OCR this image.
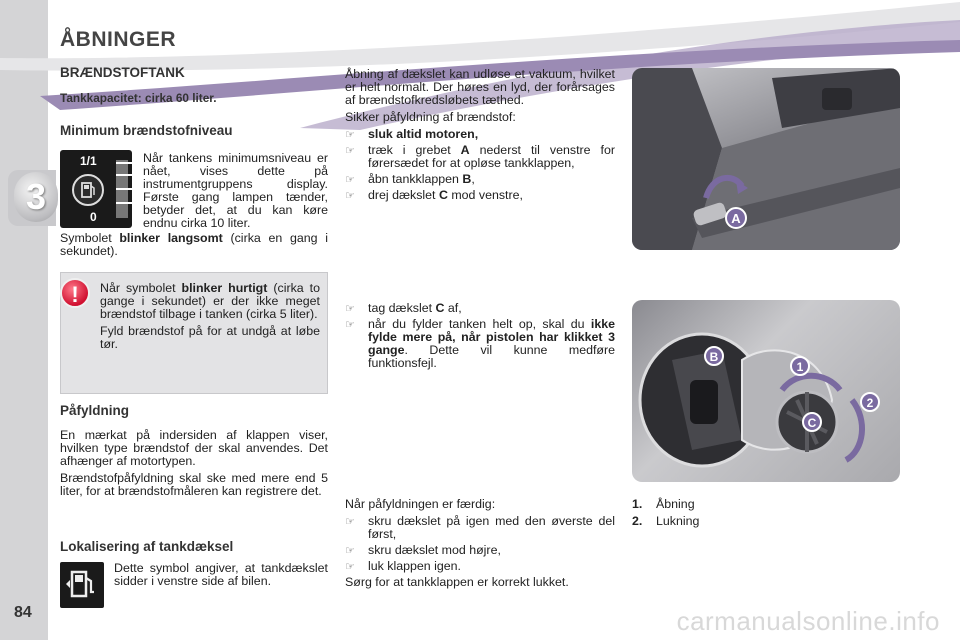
3
ÅBNINGER
84
BRÆNDSTOFTANK
Tankkapacitet: cirka 60 liter.
Minimum brændstofniveau
1/1
0

Når tankens minimumsniveau er nået, vises dette på instrumentgruppens display. Første gang lampen tænder, betyder det, at du kan køre endnu cirka 10 liter.

Symbolet blinker langsomt (cirka en gang i sekundet).

!	Når symbolet blinker hurtigt (cirka to gange i sekundet) er der ikke meget brændstof tilbage i tanken (cirka 5 liter).

Fyld brændstof på for at undgå at løbe tør.

Påfyldning

En mærkat på indersiden af klappen viser, hvilken type brændstof der skal anvendes. Det afhænger af motortypen.

Brændstofpåfyldning skal ske med mere end 5 liter, for at brændstofmåleren kan registrere det.

Lokalisering af tankdæksel

Dette symbol angiver, at tankdækslet sidder i venstre side af bilen.

Åbning af dækslet kan udløse et vakuum, hvilket er helt normalt. Der høres en lyd, der forårsages af brændstofkredsløbets tæthed.

Sikker påfyldning af brændstof:

☞ sluk altid motoren,
☞ træk i grebet A nederst til venstre for førersædet for at opløse tankklappen,
☞ åbn tankklappen B,
☞ drej dækslet C mod venstre,
☞ tag dækslet C af,
☞ når du fylder tanken helt op, skal du ikke fylde mere på, når pistolen har klikket 3 gange. Dette vil kunne medføre funktionsfejl.

Når påfyldningen er færdig:

☞ skru dækslet på igen med den øverste del først,
☞ skru dækslet mod højre,
☞ luk klappen igen.

Sørg for at tankklappen er korrekt lukket.

A
B
1
2
C

1. Åbning

2. Lukning

carmanualsonline.info
